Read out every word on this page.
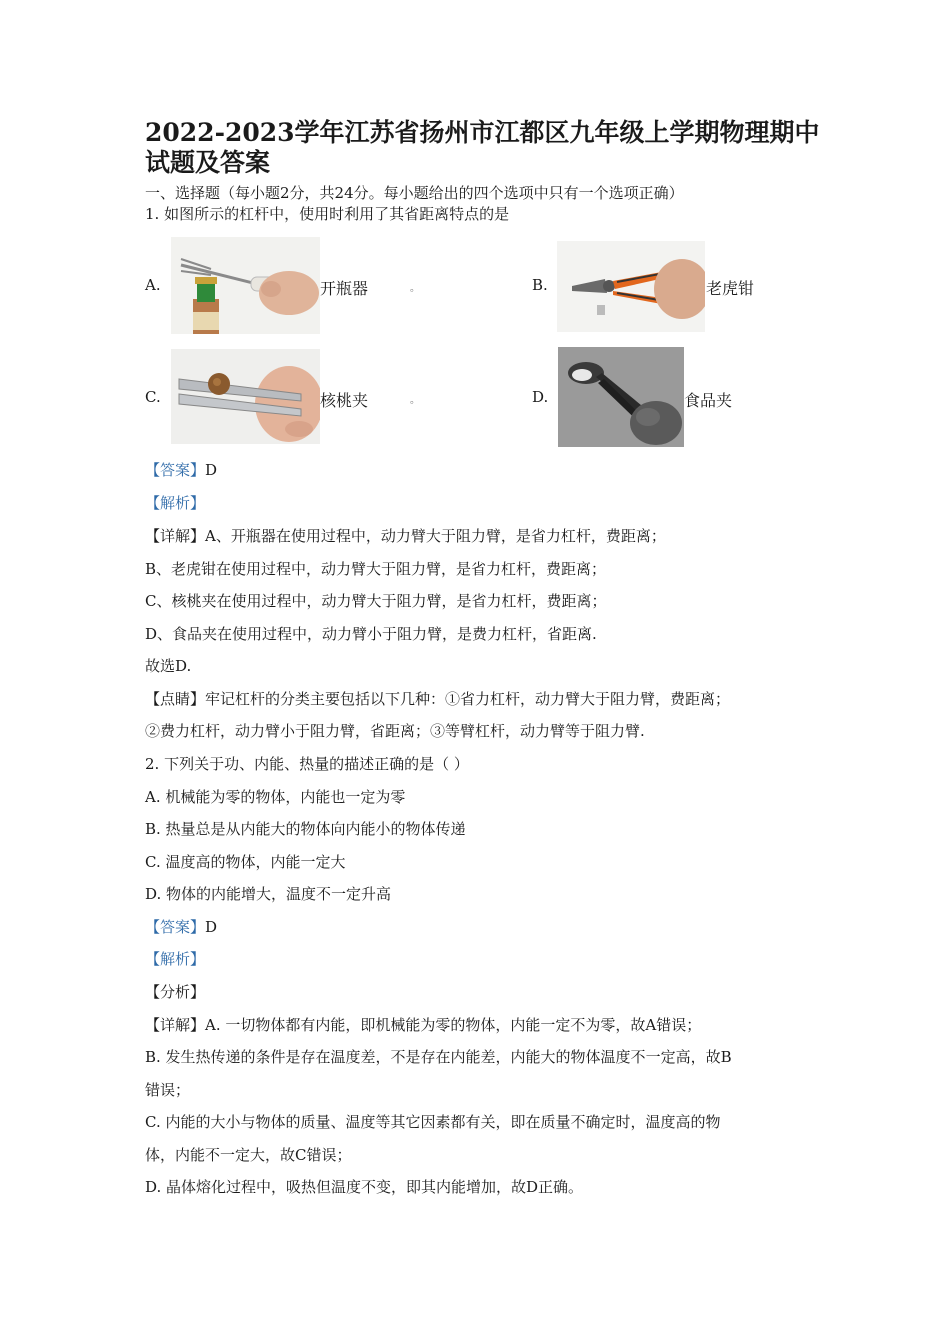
2022-2023学年江苏省扬州市江都区九年级上学期物理期中试题及答案
一、选择题（每小题2分，共24分。每小题给出的四个选项中只有一个选项正确）
1. 如图所示的杠杆中，使用时利用了其省距离特点的是
A.	开瓶器	。	B.	老虎钳
C.	核桃夹	。	D.	食品夹
【答案】D
【解析】
【详解】A、开瓶器在使用过程中，动力臂大于阻力臂，是省力杠杆，费距离；
B、老虎钳在使用过程中，动力臂大于阻力臂，是省力杠杆，费距离；
C、核桃夹在使用过程中，动力臂大于阻力臂，是省力杠杆，费距离；
D、食品夹在使用过程中，动力臂小于阻力臂，是费力杠杆，省距离.
故选D.
【点睛】牢记杠杆的分类主要包括以下几种：①省力杠杆，动力臂大于阻力臂，费距离；
②费力杠杆，动力臂小于阻力臂，省距离；③等臂杠杆，动力臂等于阻力臂.
2. 下列关于功、内能、热量的描述正确的是（ ）
A. 机械能为零的物体，内能也一定为零
B. 热量总是从内能大的物体向内能小的物体传递
C. 温度高的物体，内能一定大
D. 物体的内能增大，温度不一定升高
【答案】D
【解析】
【分析】
【详解】A. 一切物体都有内能，即机械能为零的物体，内能一定不为零，故A错误；
B. 发生热传递的条件是存在温度差，不是存在内能差，内能大的物体温度不一定高，故B
错误；
C. 内能的大小与物体的质量、温度等其它因素都有关，即在质量不确定时，温度高的物
体，内能不一定大，故C错误；
D. 晶体熔化过程中，吸热但温度不变，即其内能增加，故D正确。
